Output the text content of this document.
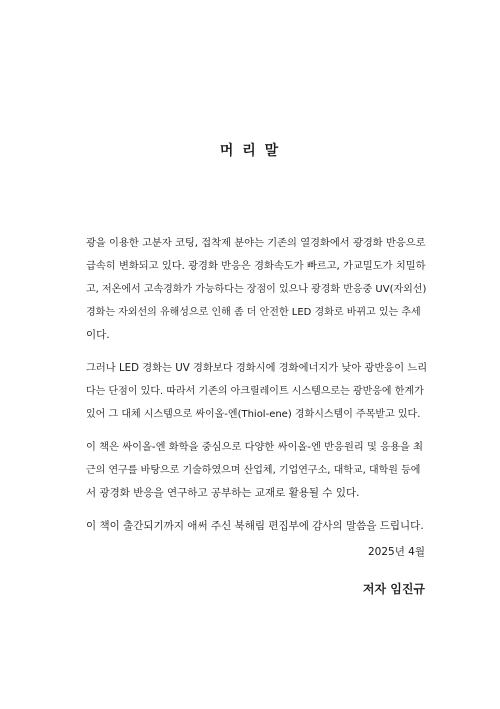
머 리 말

광을 이용한 고분자 코팅, 접착제 분야는 기존의 열경화에서 광경화 반응으로
급속히 변화되고 있다. 광경화 반응은 경화속도가 빠르고, 가교밀도가 치밀하
고, 저온에서 고속경화가 가능하다는 장점이 있으나 광경화 반응중 UV(자외선)
경화는 자외선의 유해성으로 인해 좀 더 안전한 LED 경화로 바뀌고 있는 추세
이다.

그러나 LED 경화는 UV 경화보다 경화시에 경화에너지가 낮아 광반응이 느리
다는 단점이 있다. 따라서 기존의 아크릴레이트 시스템으로는 광반응에 한계가
있어 그 대체 시스템으로 싸이올-엔(Thiol-ene) 경화시스템이 주목받고 있다.

이 책은 싸이올-엔 화학을 중심으로 다양한 싸이올-엔 반응원리 및 응용을 최
근의 연구를 바탕으로 기술하였으며 산업체, 기업연구소, 대학교, 대학원 등에
서 광경화 반응을 연구하고 공부하는 교재로 활용될 수 있다.

이 책이 출간되기까지 애써 주신 북해림 편집부에 감사의 말씀을 드립니다.

2025년 4월
저자 임진규
